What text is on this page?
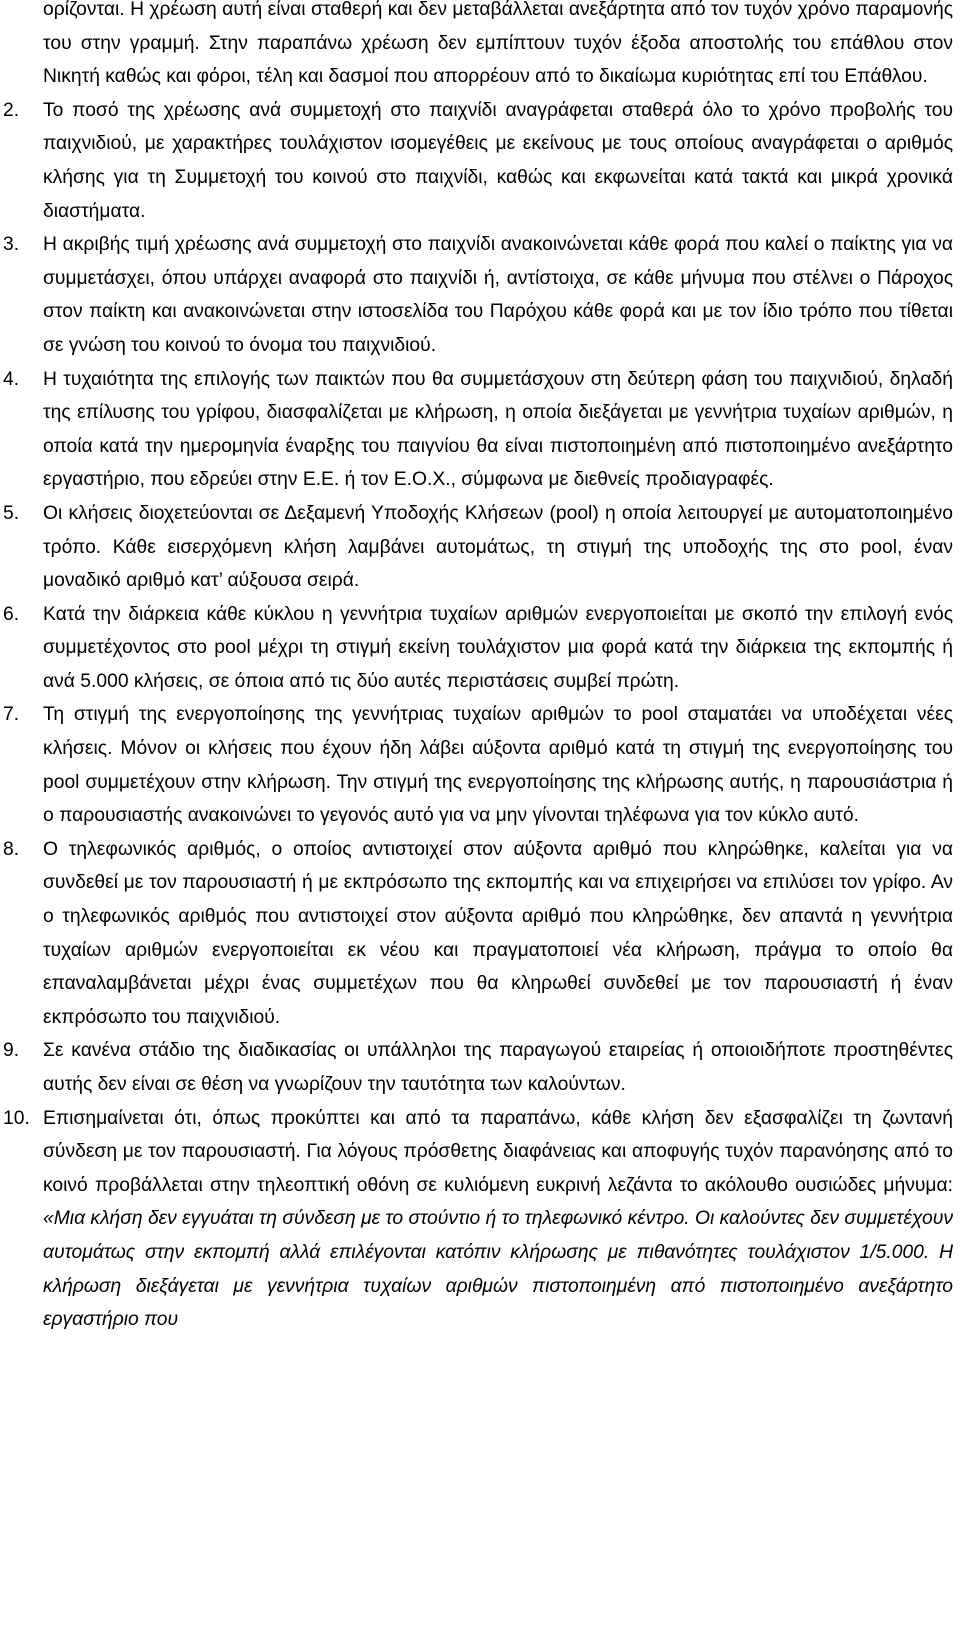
ορίζονται. Η χρέωση αυτή είναι σταθερή και δεν μεταβάλλεται ανεξάρτητα από τον τυχόν χρόνο παραμονής του στην γραμμή. Στην παραπάνω χρέωση δεν εμπίπτουν τυχόν έξοδα αποστολής του επάθλου στον Νικητή καθώς και φόροι, τέλη και δασμοί που απορρέουν από το δικαίωμα κυριότητας επί του Επάθλου.

2.	Το ποσό της χρέωσης ανά συμμετοχή στο παιχνίδι αναγράφεται σταθερά όλο το χρόνο προβολής του παιχνιδιού, με χαρακτήρες τουλάχιστον ισομεγέθεις με εκείνους με τους οποίους αναγράφεται ο αριθμός κλήσης για τη Συμμετοχή του κοινού στο παιχνίδι, καθώς και εκφωνείται κατά τακτά και μικρά χρονικά διαστήματα.
3.	Η ακριβής τιμή χρέωσης ανά συμμετοχή στο παιχνίδι ανακοινώνεται κάθε φορά που καλεί ο παίκτης για να συμμετάσχει, όπου υπάρχει αναφορά στο παιχνίδι ή, αντίστοιχα, σε κάθε μήνυμα που στέλνει ο Πάροχος στον παίκτη και ανακοινώνεται στην ιστοσελίδα του Παρόχου κάθε φορά και με τον ίδιο τρόπο που τίθεται σε γνώση του κοινού το όνομα του παιχνιδιού.
4.	Η τυχαιότητα της επιλογής των παικτών που θα συμμετάσχουν στη δεύτερη φάση του παιχνιδιού, δηλαδή της επίλυσης του γρίφου, διασφαλίζεται με κλήρωση, η οποία διεξάγεται με γεννήτρια τυχαίων αριθμών, η οποία κατά την ημερομηνία έναρξης του παιγνίου θα είναι πιστοποιημένη από πιστοποιημένο ανεξάρτητο εργαστήριο, που εδρεύει στην Ε.Ε. ή τον Ε.Ο.Χ., σύμφωνα με διεθνείς προδιαγραφές.
5.	Οι κλήσεις διοχετεύονται σε Δεξαμενή Υποδοχής Κλήσεων (pool) η οποία λειτουργεί με αυτοματοποιημένο τρόπο. Κάθε εισερχόμενη κλήση λαμβάνει αυτομάτως, τη στιγμή της υποδοχής της στο pool, έναν μοναδικό αριθμό κατ’ αύξουσα σειρά.
6.	Κατά την διάρκεια κάθε κύκλου η γεννήτρια τυχαίων αριθμών ενεργοποιείται με σκοπό την επιλογή ενός συμμετέχοντος στο pool μέχρι τη στιγμή εκείνη τουλάχιστον μια φορά κατά την διάρκεια της εκπομπής ή ανά 5.000 κλήσεις, σε όποια από τις δύο αυτές περιστάσεις συμβεί πρώτη.
7.	Τη στιγμή της ενεργοποίησης της γεννήτριας τυχαίων αριθμών το pool σταματάει να υποδέχεται νέες κλήσεις. Μόνον οι κλήσεις που έχουν ήδη λάβει αύξοντα αριθμό κατά τη στιγμή της ενεργοποίησης του pool συμμετέχουν στην κλήρωση. Την στιγμή της ενεργοποίησης της κλήρωσης αυτής, η παρουσιάστρια ή ο παρουσιαστής ανακοινώνει το γεγονός αυτό για να μην γίνονται τηλέφωνα για τον κύκλο αυτό.
8.	Ο τηλεφωνικός αριθμός, ο οποίος αντιστοιχεί στον αύξοντα αριθμό που κληρώθηκε, καλείται για να συνδεθεί με τον παρουσιαστή ή με εκπρόσωπο της εκπομπής και να επιχειρήσει να επιλύσει τον γρίφο. Αν ο τηλεφωνικός αριθμός που αντιστοιχεί στον αύξοντα αριθμό που κληρώθηκε, δεν απαντά η γεννήτρια τυχαίων αριθμών ενεργοποιείται εκ νέου και πραγματοποιεί νέα κλήρωση, πράγμα το οποίο θα επαναλαμβάνεται μέχρι ένας συμμετέχων που θα κληρωθεί συνδεθεί με τον παρουσιαστή ή έναν εκπρόσωπο του παιχνιδιού.
9.	Σε κανένα στάδιο της διαδικασίας οι υπάλληλοι της παραγωγού εταιρείας ή οποιοιδήποτε προστηθέντες αυτής δεν είναι σε θέση να γνωρίζουν την ταυτότητα των καλούντων.
10. Επισημαίνεται ότι, όπως προκύπτει και από τα παραπάνω, κάθε κλήση δεν εξασφαλίζει τη ζωντανή σύνδεση με τον παρουσιαστή. Για λόγους πρόσθετης διαφάνειας και αποφυγής τυχόν παρανόησης από το κοινό προβάλλεται στην τηλεοπτική οθόνη σε κυλιόμενη ευκρινή λεζάντα το ακόλουθο ουσιώδες μήνυμα: «Μια κλήση δεν εγγυάται τη σύνδεση με το στούντιο ή το τηλεφωνικό κέντρο. Οι καλούντες δεν συμμετέχουν αυτομάτως στην εκπομπή αλλά επιλέγονται κατόπιν κλήρωσης με πιθανότητες τουλάχιστον 1/5.000. Η κλήρωση διεξάγεται με γεννήτρια τυχαίων αριθμών πιστοποιημένη από πιστοποιημένο ανεξάρτητο εργαστήριο που
